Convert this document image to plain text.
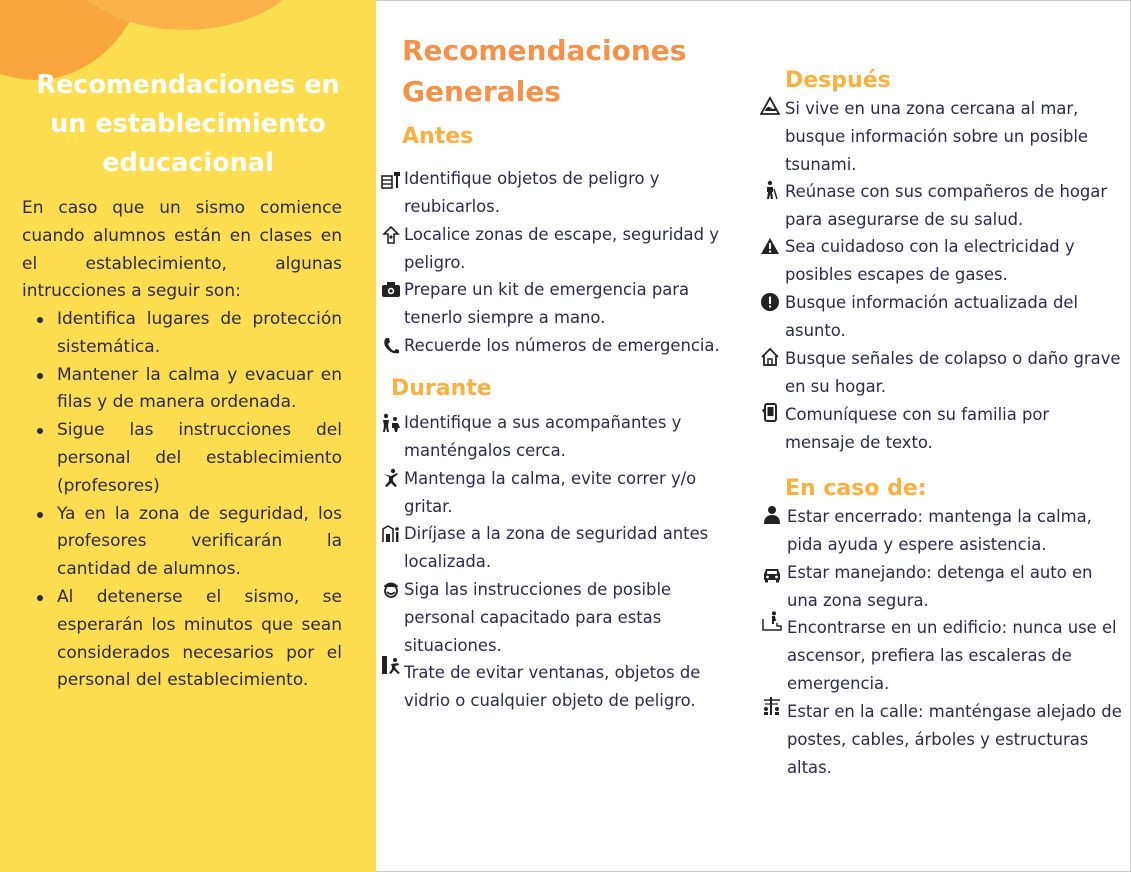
Recomendaciones en un establecimiento educacional
En caso que un sismo comience cuando alumnos están en clases en el establecimiento, algunas intrucciones a seguir son:
Identifica lugares de protección sistemática.
Mantener la calma y evacuar en filas y de manera ordenada.
Sigue las instrucciones del personal del establecimiento (profesores)
Ya en la zona de seguridad, los profesores verificarán la cantidad de alumnos.
Al detenerse el sismo, se esperarán los minutos que sean considerados necesarios por el personal del establecimiento.
Recomendaciones Generales
Antes
Identifique objetos de peligro y reubicarlos.
Localice zonas de escape, seguridad y peligro.
Prepare un kit de emergencia para tenerlo siempre a mano.
Recuerde los números de emergencia.
Durante
Identifique a sus acompañantes y manténgalos cerca.
Mantenga la calma, evite correr y/o gritar.
Diríjase a la zona de seguridad antes localizada.
Siga las instrucciones de posible personal capacitado para estas situaciones.
Trate de evitar ventanas, objetos de vidrio o cualquier objeto de peligro.
Después
Si vive en una zona cercana al mar, busque información sobre un posible tsunami.
Reúnase con sus compañeros de hogar para asegurarse de su salud.
Sea cuidadoso con la electricidad y posibles escapes de gases.
Busque información actualizada del asunto.
Busque señales de colapso o daño grave en su hogar.
Comuníquese con su familia por mensaje de texto.
En caso de:
Estar encerrado: mantenga la calma, pida ayuda y espere asistencia.
Estar manejando: detenga el auto en una zona segura.
Encontrarse en un edificio: nunca use el ascensor, prefiera las escaleras de emergencia.
Estar en la calle: manténgase alejado de postes, cables, árboles y estructuras altas.
